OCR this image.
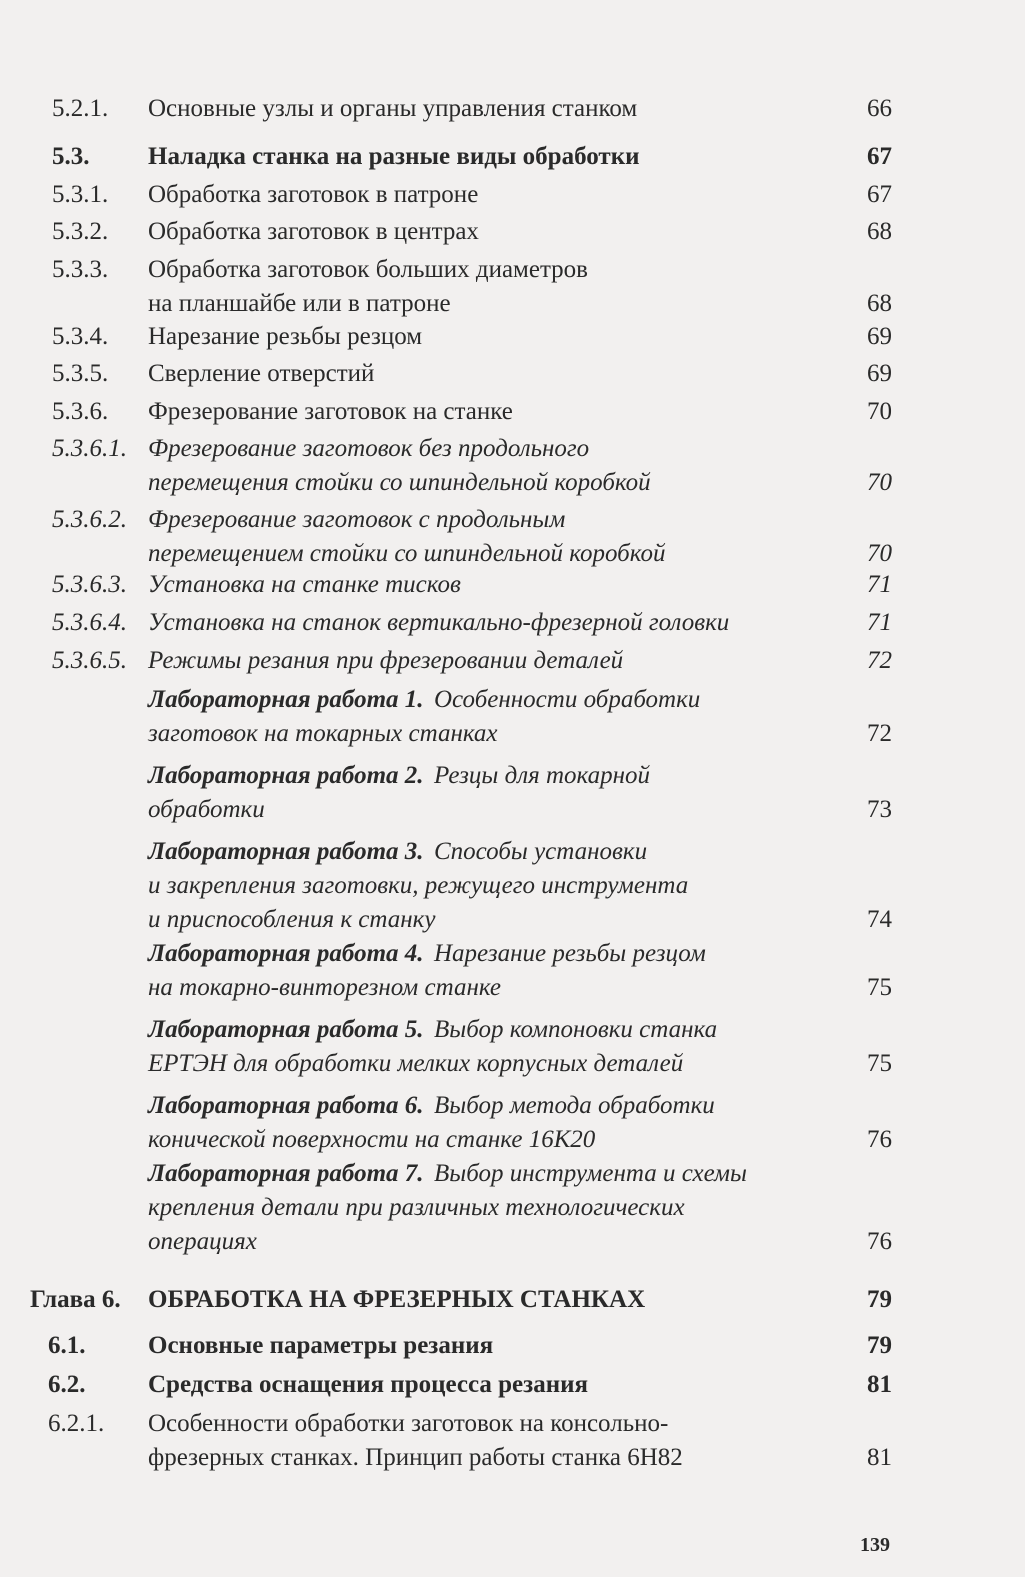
5.2.1. Основные узлы и органы управления станком	66
5.3. Наладка станка на разные виды обработки	67
5.3.1. Обработка заготовок в патроне	67
5.3.2. Обработка заготовок в центрах	68
5.3.3. Обработка заготовок больших диаметров
на планшайбе или в патроне	68
5.3.4. Нарезание резьбы резцом	69
5.3.5. Сверление отверстий	69
5.3.6. Фрезерование заготовок на станке	70
5.3.6.1. Фрезерование заготовок без продольного
перемещения стойки со шпиндельной коробкой	70
5.3.6.2. Фрезерование заготовок с продольным
перемещением стойки со шпиндельной коробкой	70
5.3.6.3. Установка на станке тисков	71
5.3.6.4. Установка на станок вертикально-фрезерной головки	71
5.3.6.5. Режимы резания при фрезеровании деталей	72
Лабораторная работа 1. Особенности обработки
заготовок на токарных станках	72
Лабораторная работа 2. Резцы для токарной
обработки	73
Лабораторная работа 3. Способы установки
и закрепления заготовки, режущего инструмента
и приспособления к станку	74
Лабораторная работа 4. Нарезание резьбы резцом
на токарно-винторезном станке	75
Лабораторная работа 5. Выбор компоновки станка
ЕРТЭН для обработки мелких корпусных деталей	75
Лабораторная работа 6. Выбор метода обработки
конической поверхности на станке 16К20	76
Лабораторная работа 7. Выбор инструмента и схемы
крепления детали при различных технологических
операциях	76
Глава 6. ОБРАБОТКА НА ФРЕЗЕРНЫХ СТАНКАХ	79
6.1.	Основные параметры резания	79
6.2.	Средства оснащения процесса резания	81
6.2.1. Особенности обработки заготовок на консольно-
фрезерных станках. Принцип работы станка 6Н82	81
139
